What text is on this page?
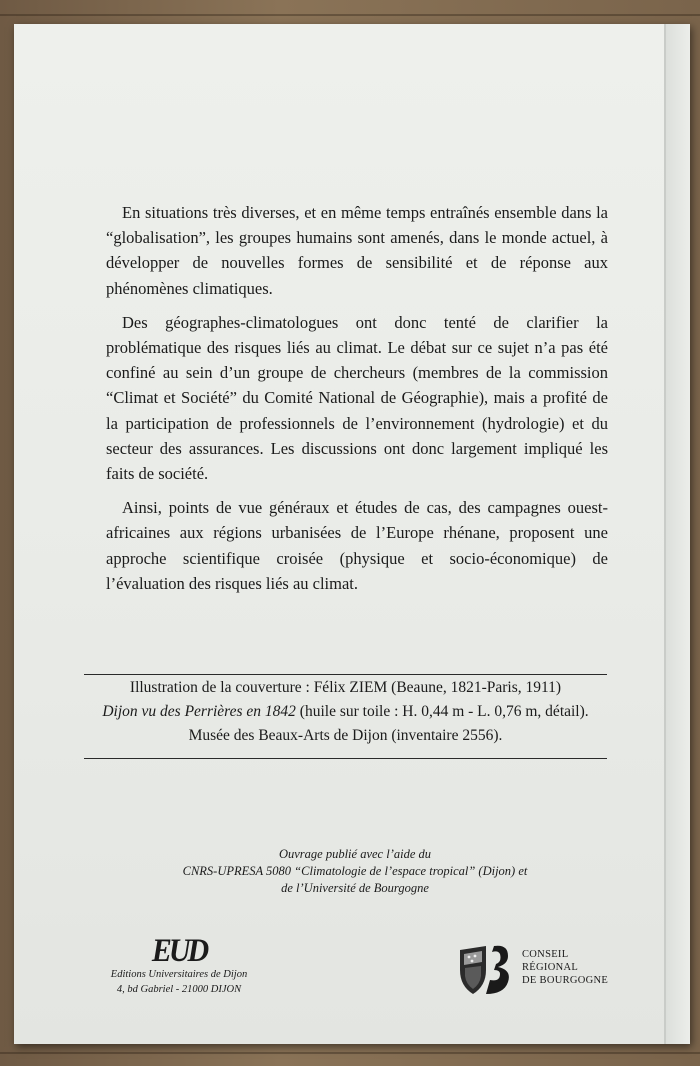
En situations très diverses, et en même temps entraînés ensemble dans la “globalisation”, les groupes humains sont amenés, dans le monde actuel, à développer de nouvelles formes de sensibilité et de réponse aux phénomènes climatiques.

Des géographes-climatologues ont donc tenté de clarifier la problématique des risques liés au climat. Le débat sur ce sujet n’a pas été confiné au sein d’un groupe de chercheurs (membres de la commission “Climat et Société” du Comité National de Géographie), mais a profité de la participation de professionnels de l’environnement (hydrologie) et du secteur des assurances. Les discussions ont donc largement impliqué les faits de société.

Ainsi, points de vue généraux et études de cas, des campagnes ouest-africaines aux régions urbanisées de l’Europe rhénane, proposent une approche scientifique croisée (physique et socio-économique) de l’évaluation des risques liés au climat.

Illustration de la couverture : Félix ZIEM (Beaune, 1821-Paris, 1911)
Dijon vu des Perrières en 1842 (huile sur toile : H. 0,44 m - L. 0,76 m, détail).
Musée des Beaux-Arts de Dijon (inventaire 2556).
Ouvrage publié avec l’aide du
CNRS-UPRESA 5080 “Climatologie de l’espace tropical” (Dijon) et
de l’Université de Bourgogne
EUD
Editions Universitaires de Dijon
4, bd Gabriel - 21000 DIJON
CONSEIL
RÉGIONAL
DE BOURGOGNE
